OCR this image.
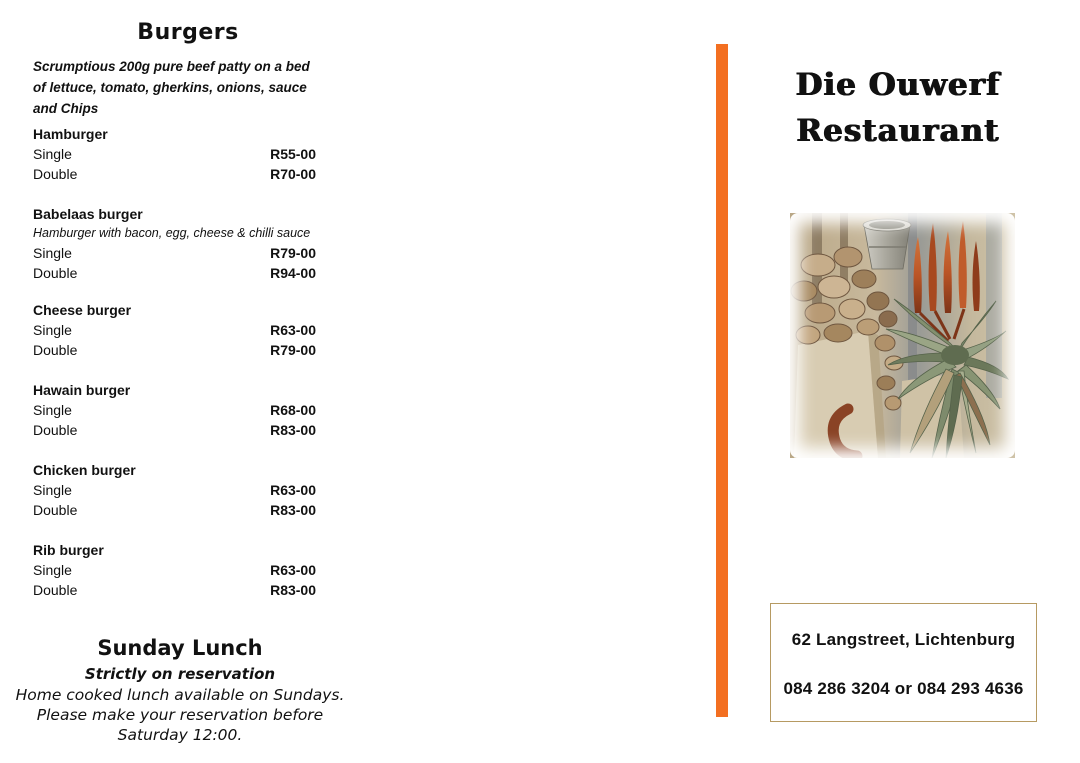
Burgers
Scrumptious 200g pure beef patty on a bed of lettuce, tomato, gherkins, onions, sauce and Chips
Hamburger
Single	R55-00
Double	R70-00
Babelaas burger
Hamburger with bacon, egg, cheese & chilli sauce
Single	R79-00
Double	R94-00
Cheese burger
Single	R63-00
Double	R79-00
Hawain burger
Single	R68-00
Double	R83-00
Chicken burger
Single	R63-00
Double	R83-00
Rib burger
Single	R63-00
Double	R83-00
Sunday Lunch
Strictly on reservation
Home cooked lunch available on Sundays.
Please make your reservation before
Saturday 12:00.
Die Ouwerf
Restaurant
62 Langstreet, Lichtenburg
084 286 3204 or 084 293 4636
